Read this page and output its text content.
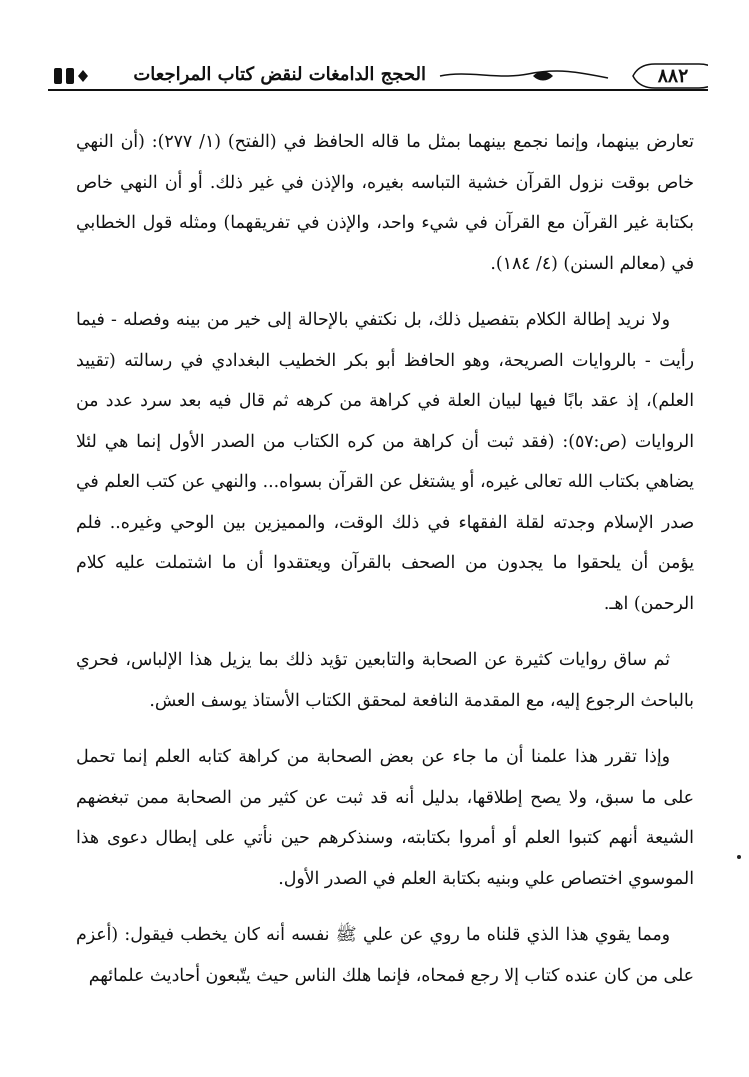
٨٨٢
الحجج الدامغات لنقض كتاب المراجعات

تعارض بينهما، وإنما نجمع بينهما بمثل ما قاله الحافظ في (الفتح) (١/ ٢٧٧): (أن النهي خاص بوقت نزول القرآن خشية التباسه بغيره، والإذن في غير ذلك. أو أن النهي خاص بكتابة غير القرآن مع القرآن في شيء واحد، والإذن في تفريقهما) ومثله قول الخطابي في (معالم السنن) (٤/ ١٨٤).

ولا نريد إطالة الكلام بتفصيل ذلك، بل نكتفي بالإحالة إلى خير من بينه وفصله - فيما رأيت - بالروايات الصريحة، وهو الحافظ أبو بكر الخطيب البغدادي في رسالته (تقييد العلم)، إذ عقد بابًا فيها لبيان العلة في كراهة من كرهه ثم قال فيه بعد سرد عدد من الروايات (ص:٥٧): (فقد ثبت أن كراهة من كره الكتاب من الصدر الأول إنما هي لئلا يضاهي بكتاب الله تعالى غيره، أو يشتغل عن القرآن بسواه... والنهي عن كتب العلم في صدر الإسلام وجدته لقلة الفقهاء في ذلك الوقت، والمميزين بين الوحي وغيره.. فلم يؤمن أن يلحقوا ما يجدون من الصحف بالقرآن ويعتقدوا أن ما اشتملت عليه كلام الرحمن) اهـ.

ثم ساق روايات كثيرة عن الصحابة والتابعين تؤيد ذلك بما يزيل هذا الإلباس، فحري بالباحث الرجوع إليه، مع المقدمة النافعة لمحقق الكتاب الأستاذ يوسف العش.

وإذا تقرر هذا علمنا أن ما جاء عن بعض الصحابة من كراهة كتابه العلم إنما تحمل على ما سبق، ولا يصح إطلاقها، بدليل أنه قد ثبت عن كثير من الصحابة ممن تبغضهم الشيعة أنهم كتبوا العلم أو أمروا بكتابته، وسنذكرهم حين نأتي على إبطال دعوى هذا الموسوي اختصاص علي وبنيه بكتابة العلم في الصدر الأول.

ومما يقوي هذا الذي قلناه ما روي عن علي ﷺ نفسه أنه كان يخطب فيقول: (أعزم على من كان عنده كتاب إلا رجع فمحاه، فإنما هلك الناس حيث يتّبعون أحاديث علمائهم
